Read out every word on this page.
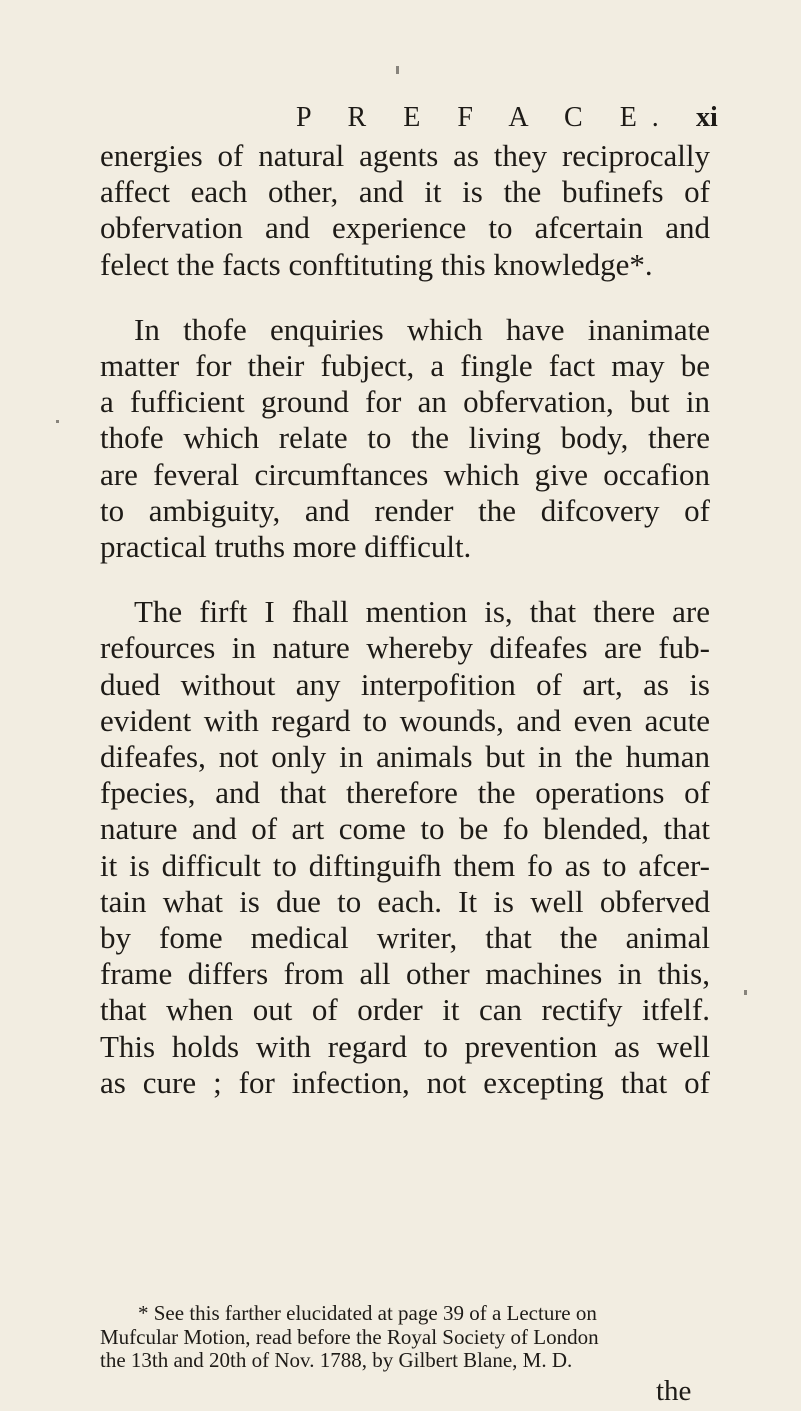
P R E F A C E. xi

energies of natural agents as they reciprocally
affect each other, and it is the bufinefs of
obfervation and experience to afcertain and
felect the facts conftituting this knowledge*.

In thofe enquiries which have inanimate
matter for their fubject, a fingle fact may be
a fufficient ground for an obfervation, but in
thofe which relate to the living body, there
are feveral circumftances which give occafion
to ambiguity, and render the difcovery of
practical truths more difficult.

The firft I fhall mention is, that there are
refources in nature whereby difeafes are fub-
dued without any interpofition of art, as is
evident with regard to wounds, and even acute
difeafes, not only in animals but in the human
fpecies, and that therefore the operations of
nature and of art come to be fo blended, that
it is difficult to diftinguifh them fo as to afcer-
tain what is due to each. It is well obferved
by fome medical writer, that the animal
frame differs from all other machines in this,
that when out of order it can rectify itfelf.
This holds with regard to prevention as well
as cure ; for infection, not excepting that of

* See this farther elucidated at page 39 of a Lecture on
Mufcular Motion, read before the Royal Society of London
the 13th and 20th of Nov. 1788, by Gilbert Blane, M. D.
the
